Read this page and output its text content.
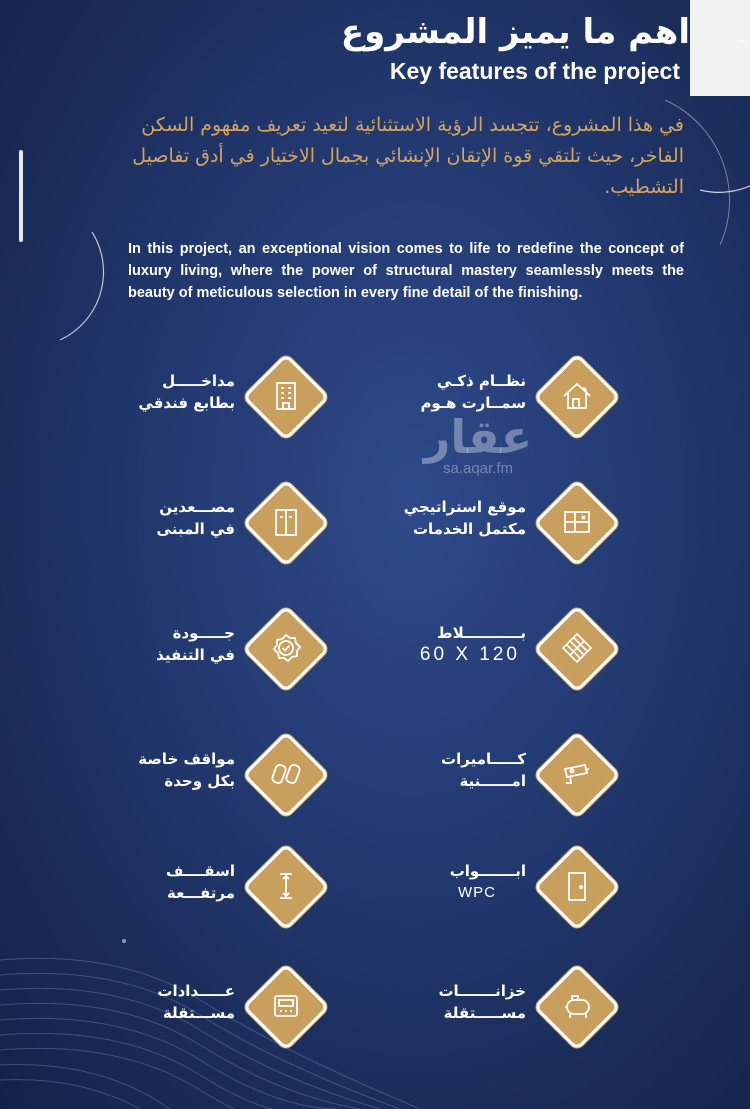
اهم ما يميز المشروع
Key features of the project
في هذا المشروع، تتجسد الرؤية الاستثنائية لتعيد تعريف مفهوم السكن الفاخر، حيث تلتقي قوة الإتقان الإنشائي بجمال الاختيار في أدق تفاصيل التشطيب.
In this project, an exceptional vision comes to life to redefine the concept of luxury living, where the power of structural mastery seamlessly meets the beauty of meticulous selection in every fine detail of the finishing.
عقار
sa.aqar.fm
نظــام ذكـي
سمــارت هـوم
مداخـــــل
بطابع فندقي
موقع استراتيجي
مكتمل الخدمات
مصـــعدين
في المبنى
بـــــــــــلاط
60 X 120
جـــــودة
في التنفيذ
كـــــاميرات
امــــــنية
مواقف خاصة
بكل وحدة
ابـــــــواب
WPC
اسقــــف
مرتفـــعة
خزانـــــــات
مســـــتقلة
عـــــدادات
مســـتقلة
